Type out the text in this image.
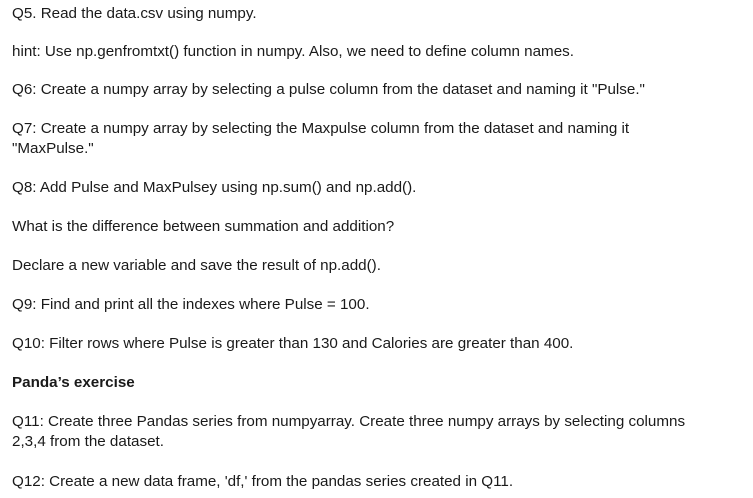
Q5. Read the data.csv using numpy.
hint: Use np.genfromtxt() function in numpy. Also, we need to define column names.
Q6: Create a numpy array by selecting a pulse column from the dataset and naming it "Pulse."
Q7: Create a numpy array by selecting the Maxpulse column from the dataset and naming it
"MaxPulse."
Q8: Add Pulse and MaxPulsey using np.sum() and np.add().
What is the difference between summation and addition?
Declare a new variable and save the result of np.add().
Q9: Find and print all the indexes where Pulse = 100.
Q10: Filter rows where Pulse is greater than 130 and Calories are greater than 400.
Panda’s exercise
Q11: Create three Pandas series from numpyarray. Create three numpy arrays by selecting columns
2,3,4 from the dataset.
Q12: Create a new data frame, 'df,' from the pandas series created in Q11.
